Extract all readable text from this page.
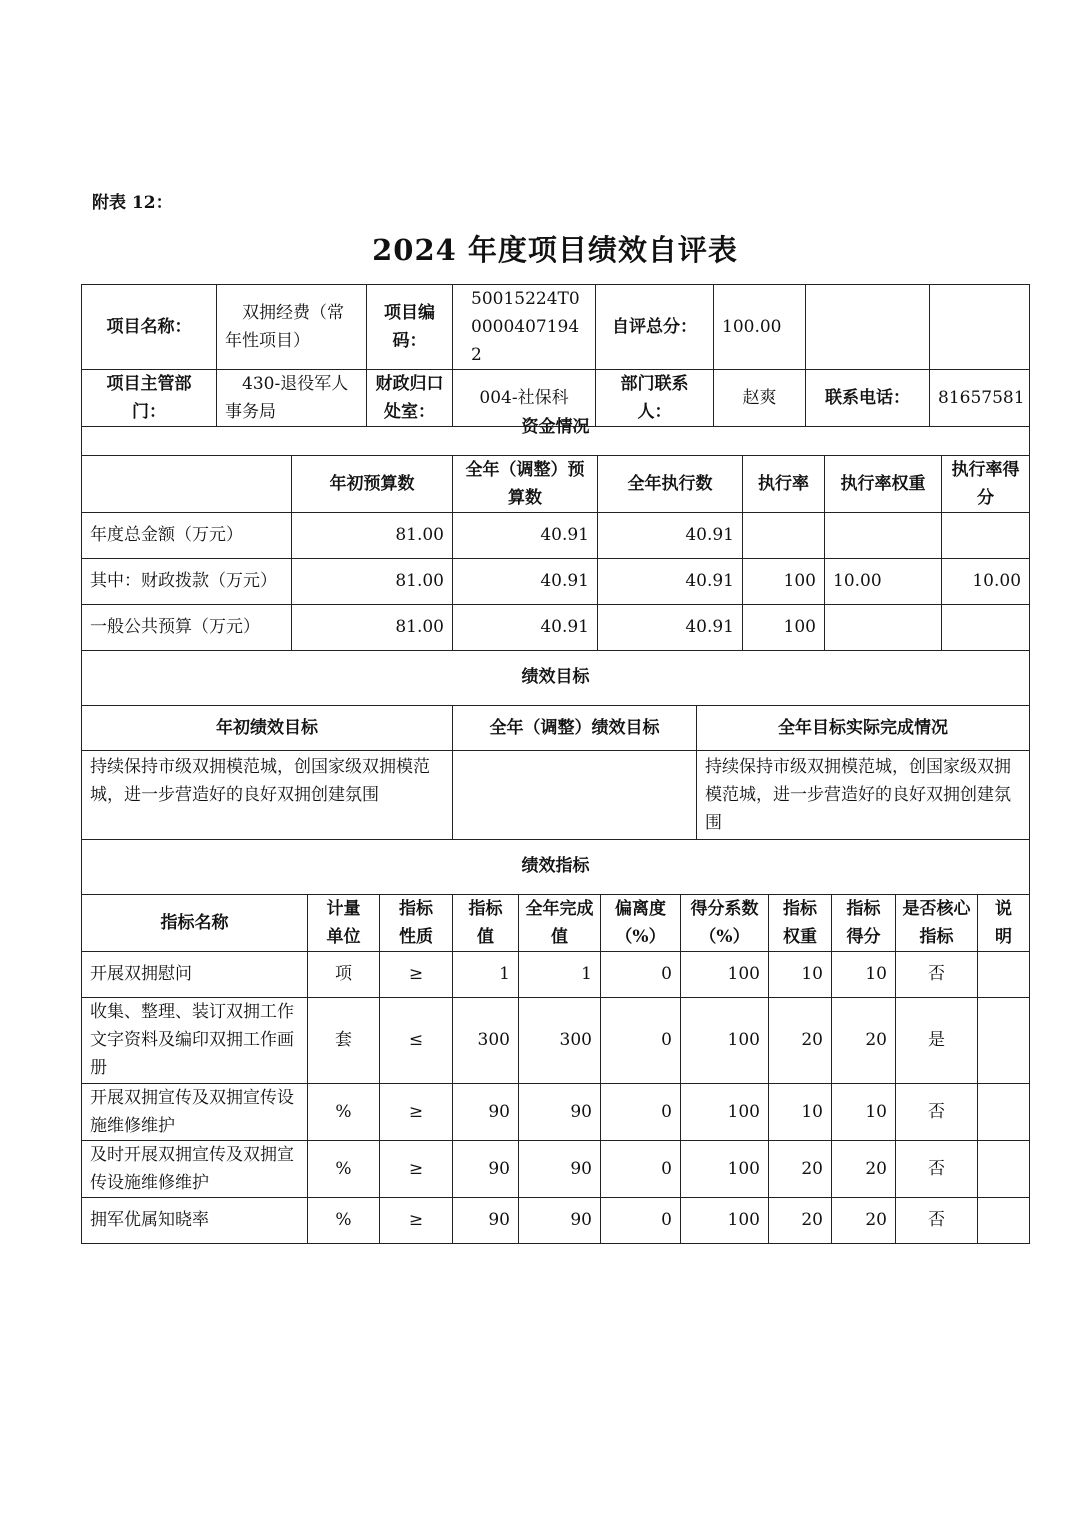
附表 12：
2024 年度项目绩效自评表
项目名称：	双拥经费（常年性项目）	项目编码：	50015224T000004071942	自评总分：	100.00		
项目主管部门：	430-退役军人事务局	财政归口处室：	004-社保科	部门联系人：	赵爽	联系电话：	81657581
资金情况						
	年初预算数	全年（调整）预算数	全年执行数	执行率	执行率权重	执行率得分
年度总金额（万元）	81.00	40.91	40.91			
其中：财政拨款（万元）	81.00	40.91	40.91	100	10.00	10.00
一般公共预算（万元）	81.00	40.91	40.91	100		
绩效目标		
年初绩效目标	全年（调整）绩效目标	全年目标实际完成情况
持续保持市级双拥模范城，创国家级双拥模范城，进一步营造好的良好双拥创建氛围		持续保持市级双拥模范城，创国家级双拥模范城，进一步营造好的良好双拥创建氛围
绩效指标										
指标名称	计量单位	指标性质	指标值	全年完成值	偏离度（%）	得分系数（%）	指标权重	指标得分	是否核心指标	说明
开展双拥慰问	项	≥	1	1	0	100	10	10	否	
收集、整理、装订双拥工作文字资料及编印双拥工作画册	套	≤	300	300	0	100	20	20	是	
开展双拥宣传及双拥宣传设施维修维护	%	≥	90	90	0	100	10	10	否	
及时开展双拥宣传及双拥宣传设施维修维护	%	≥	90	90	0	100	20	20	否	
拥军优属知晓率	%	≥	90	90	0	100	20	20	否	
